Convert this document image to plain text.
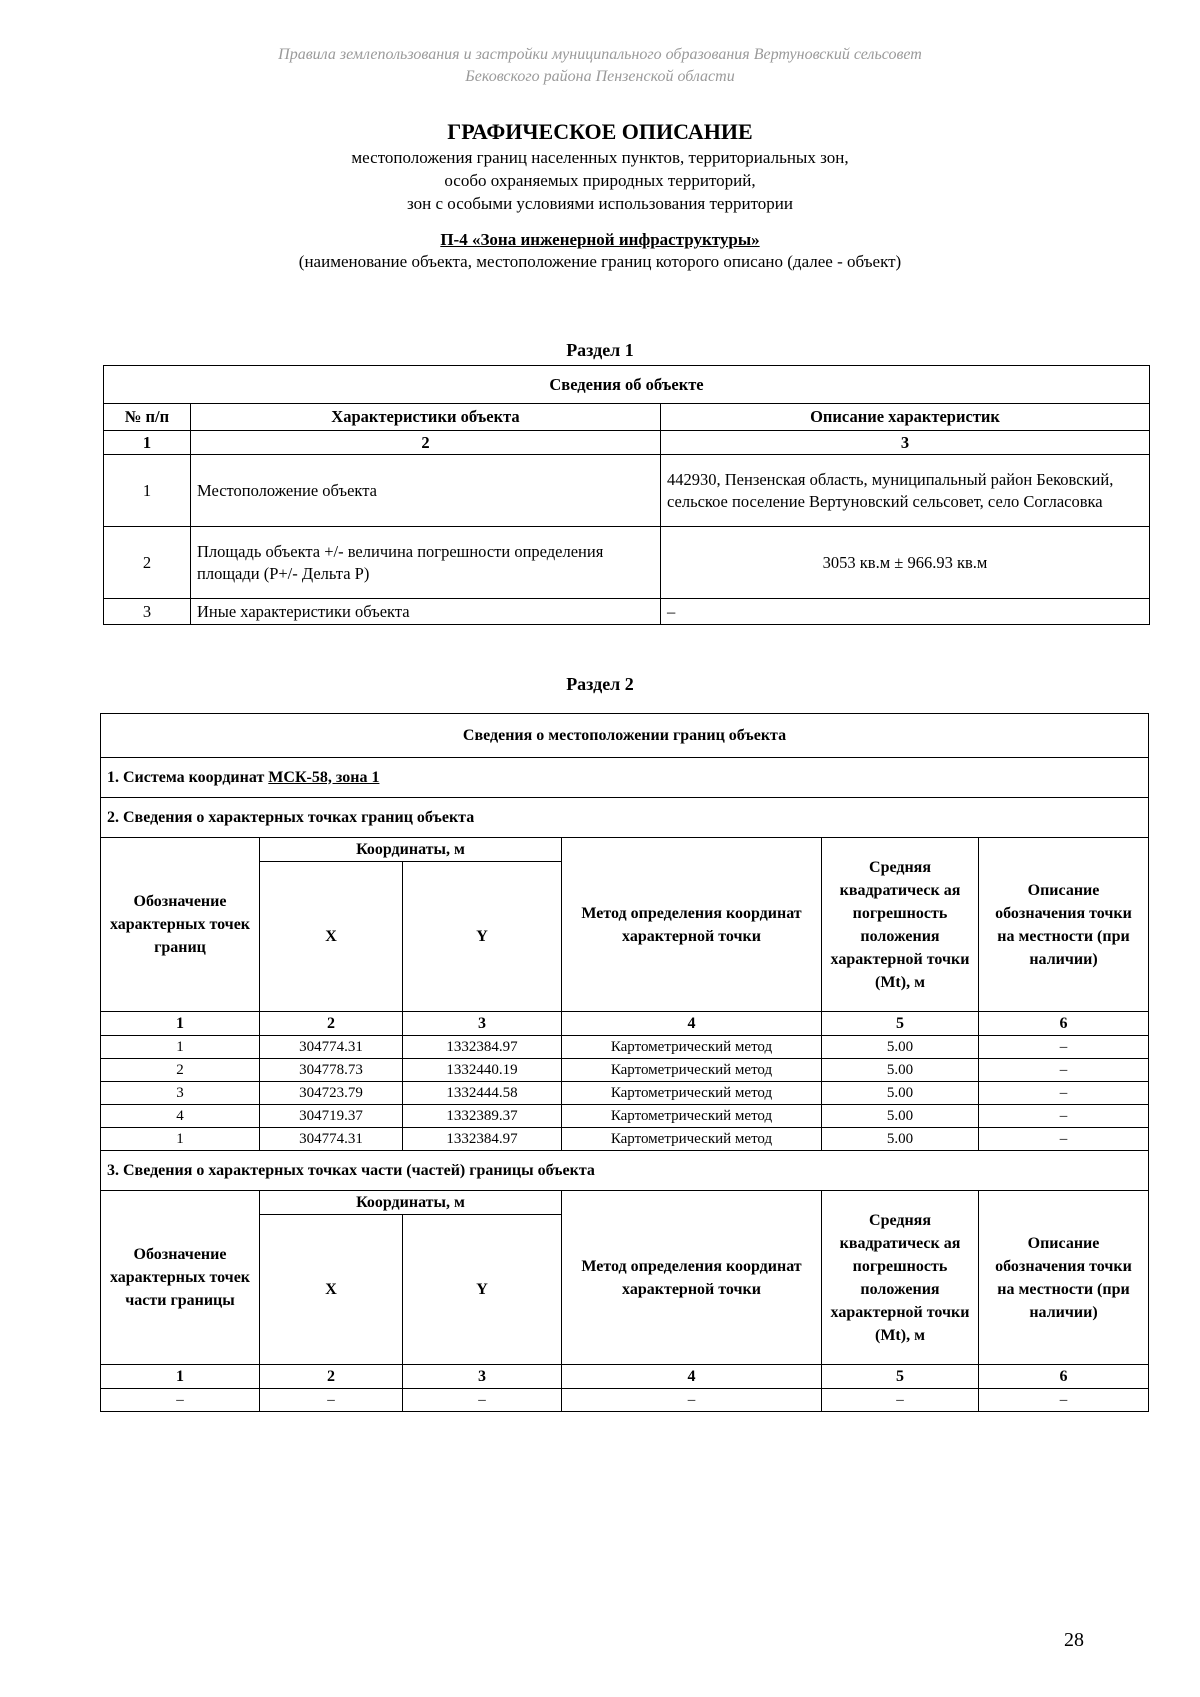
Правила землепользования и застройки муниципального образования Вертуновский сельсовет
Бековского района Пензенской области
ГРАФИЧЕСКОЕ ОПИСАНИЕ
местоположения границ населенных пунктов, территориальных зон,
особо охраняемых природных территорий,
зон с особыми условиями использования территории
П-4 «Зона инженерной инфраструктуры»
(наименование объекта, местоположение границ которого описано (далее - объект)
Раздел 1
Сведения об объекте		
№ п/п	Характеристики объекта	Описание характеристик
1	2	3
1	Местоположение объекта	442930, Пензенская область, муниципальный район Бековский, сельское поселение Вертуновский сельсовет, село Согласовка
2	Площадь объекта +/- величина погрешности определения площади (Р+/- Дельта Р)	3053 кв.м ± 966.93 кв.м
3	Иные характеристики объекта	–
Раздел 2
Сведения о местоположении границ объекта					
1. Система координат МСК-58, зона 1					
2. Сведения о характерных точках границ объекта					
Обозначение характерных точек границ	Координаты, м		Метод определения координат характерной точки	Средняя квадратическ ая погрешность положения характерной точки (Mt), м	Описание обозначения точки на местности (при наличии)
	X	Y			
1	2	3	4	5	6
1	304774.31	1332384.97	Картометрический метод	5.00	–
2	304778.73	1332440.19	Картометрический метод	5.00	–
3	304723.79	1332444.58	Картометрический метод	5.00	–
4	304719.37	1332389.37	Картометрический метод	5.00	–
1	304774.31	1332384.97	Картометрический метод	5.00	–
3. Сведения о характерных точках части (частей) границы объекта					
Обозначение характерных точек части границы	Координаты, м		Метод определения координат характерной точки	Средняя квадратическ ая погрешность положения характерной точки (Mt), м	Описание обозначения точки на местности (при наличии)
	X	Y			
1	2	3	4	5	6
–	–	–	–	–	–
28
